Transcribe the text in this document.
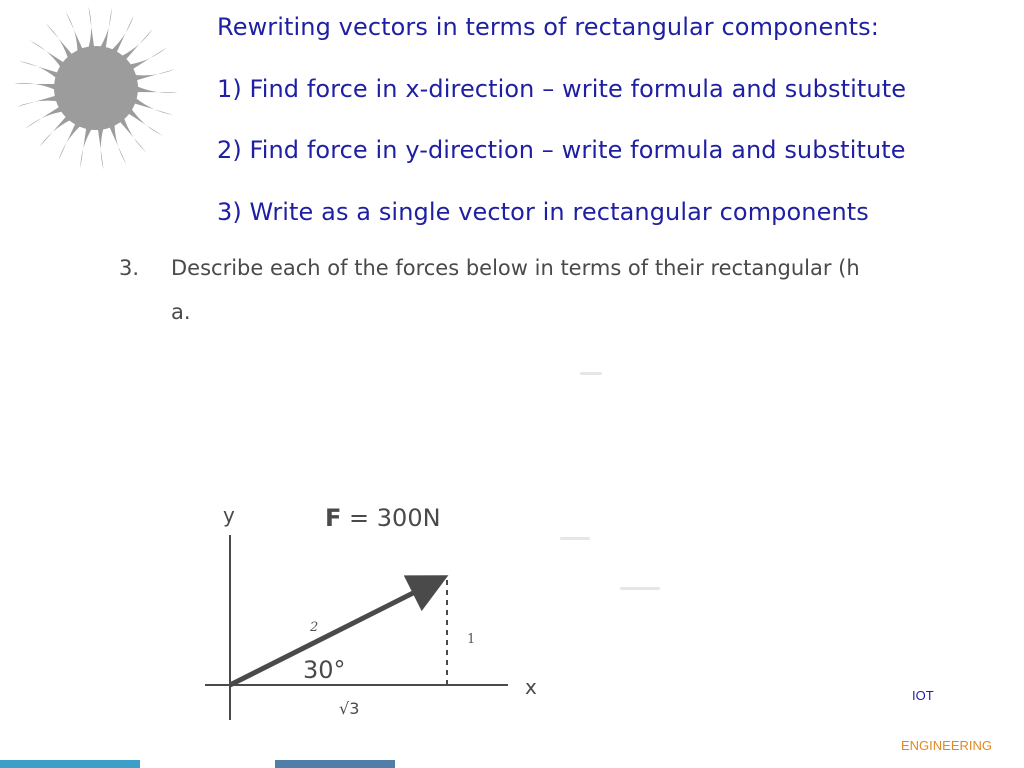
Rewriting vectors in terms of rectangular components:
1) Find force in x-direction – write formula and substitute
2) Find force in y-direction – write formula and substitute
3) Write as a single vector in rectangular components
3. Describe each of the forces below in terms of their rectangular (h
a.
y
x
F = 300N
30°
2
1
√3
IOT
ENGINEERING
